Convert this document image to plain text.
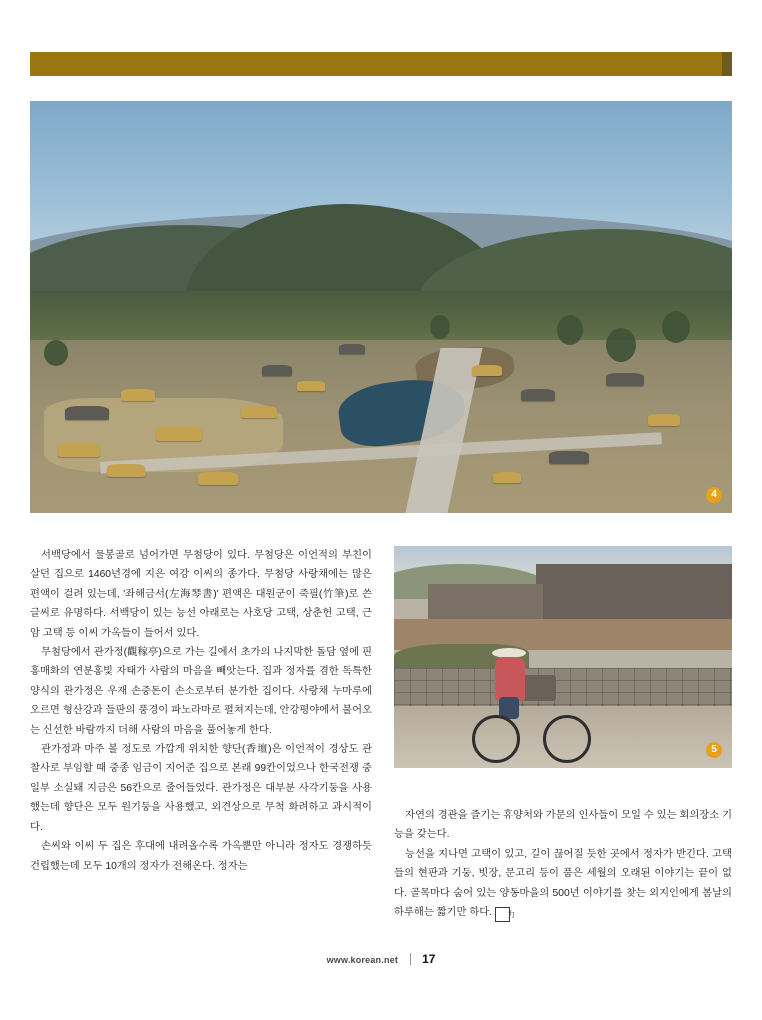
4
5

서백당에서 물봉골로 넘어가면 무첨당이 있다. 무첨당은 이언적의 부친이 살던 집으로 1460년경에 지은 여강 이씨의 종가다. 무첨당 사랑채에는 많은 편액이 걸려 있는데, '좌해금서(左海琴書)' 편액은 대원군이 죽필(竹筆)로 쓴 글씨로 유명하다. 서백당이 있는 능선 아래로는 사호당 고택, 상춘헌 고택, 근암 고택 등 이씨 가옥들이 들어서 있다.

무첨당에서 관가정(觀稼亭)으로 가는 길에서 초가의 나지막한 돌담 옆에 핀 홍매화의 연분홍빛 자태가 사람의 마음을 빼앗는다. 집과 정자를 겸한 독특한 양식의 관가정은 우재 손중돈이 손소로부터 분가한 집이다. 사랑채 누마루에 오르면 형산강과 들판의 풍경이 파노라마로 펼쳐지는데, 안강평야에서 불어오는 신선한 바람까지 더해 사람의 마음을 풀어놓게 한다.

관가정과 마주 볼 정도로 가깝게 위치한 향단(香壇)은 이언적이 경상도 관찰사로 부임할 때 중종 임금이 지어준 집으로 본래 99칸이었으나 한국전쟁 중 일부 소실돼 지금은 56칸으로 줄어들었다. 관가정은 대부분 사각기둥을 사용했는데 향단은 모두 원기둥을 사용했고, 외견상으로 무척 화려하고 과시적이다.

손씨와 이씨 두 집은 후대에 내려올수록 가옥뿐만 아니라 정자도 경쟁하듯 건립했는데 모두 10개의 정자가 전해온다. 정자는

자연의 경관을 즐기는 휴양처와 가문의 인사들이 모일 수 있는 회의장소 기능을 갖는다.

능선을 지나면 고택이 있고, 길이 끊어질 듯한 곳에서 정자가 반긴다. 고택들의 현판과 기둥, 빗장, 문고리 등이 품은 세월의 오래된 이야기는 끝이 없다. 골목마다 숨어 있는 양동마을의 500년 이야기를 찾는 외지인에게 봄날의 하루해는 짧기만 하다. 力

www.korean.net 17
